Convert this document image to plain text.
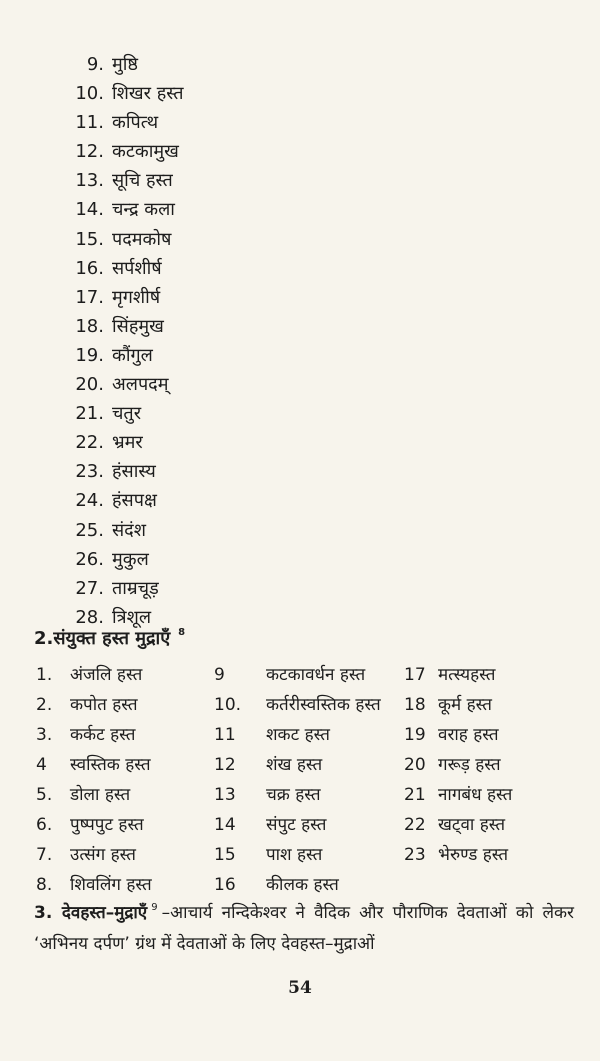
9. मुष्ठि
10. शिखर हस्त
11. कपित्थ
12. कटकामुख
13. सूचि हस्त
14. चन्द्र कला
15. पदमकोष
16. सर्पशीर्ष
17. मृगशीर्ष
18. सिंहमुख
19. कौंगुल
20. अलपदम्
21. चतुर
22. भ्रमर
23. हंसास्य
24. हंसपक्ष
25. संदंश
26. मुकुल
27. ताम्रचूड़
28. त्रिशूल
2.संयुक्त हस्त मुद्राएँ $^8$
1. अंजलि हस्त	9 कटकावर्धन हस्त 17 मत्स्यहस्त
2. कपोत हस्त	10. कर्तरीस्वस्तिक हस्त 18 कूर्म हस्त
3. कर्कट हस्त	11 शकट हस्त	19 वराह हस्त
4 स्वस्तिक हस्त	12 शंख हस्त	20 गरूड़ हस्त
5. डोला हस्त	13 चक्र हस्त	21 नागबंध हस्त
6. पुष्पपुट हस्त	14 संपुट हस्त	22 खट्वा हस्त
7. उत्संग हस्त	15 पाश हस्त	23 भेरुण्ड हस्त
8. शिवलिंग हस्त	16 कीलक हस्त
3. देवहस्त–मुद्राएँ $^9$ –आचार्य नन्दिकेश्वर ने वैदिक और पौराणिक देवताओं को लेकर ‘अभिनय दर्पण’ ग्रंथ में देवताओं के लिए देवहस्त–मुद्राओं
54
